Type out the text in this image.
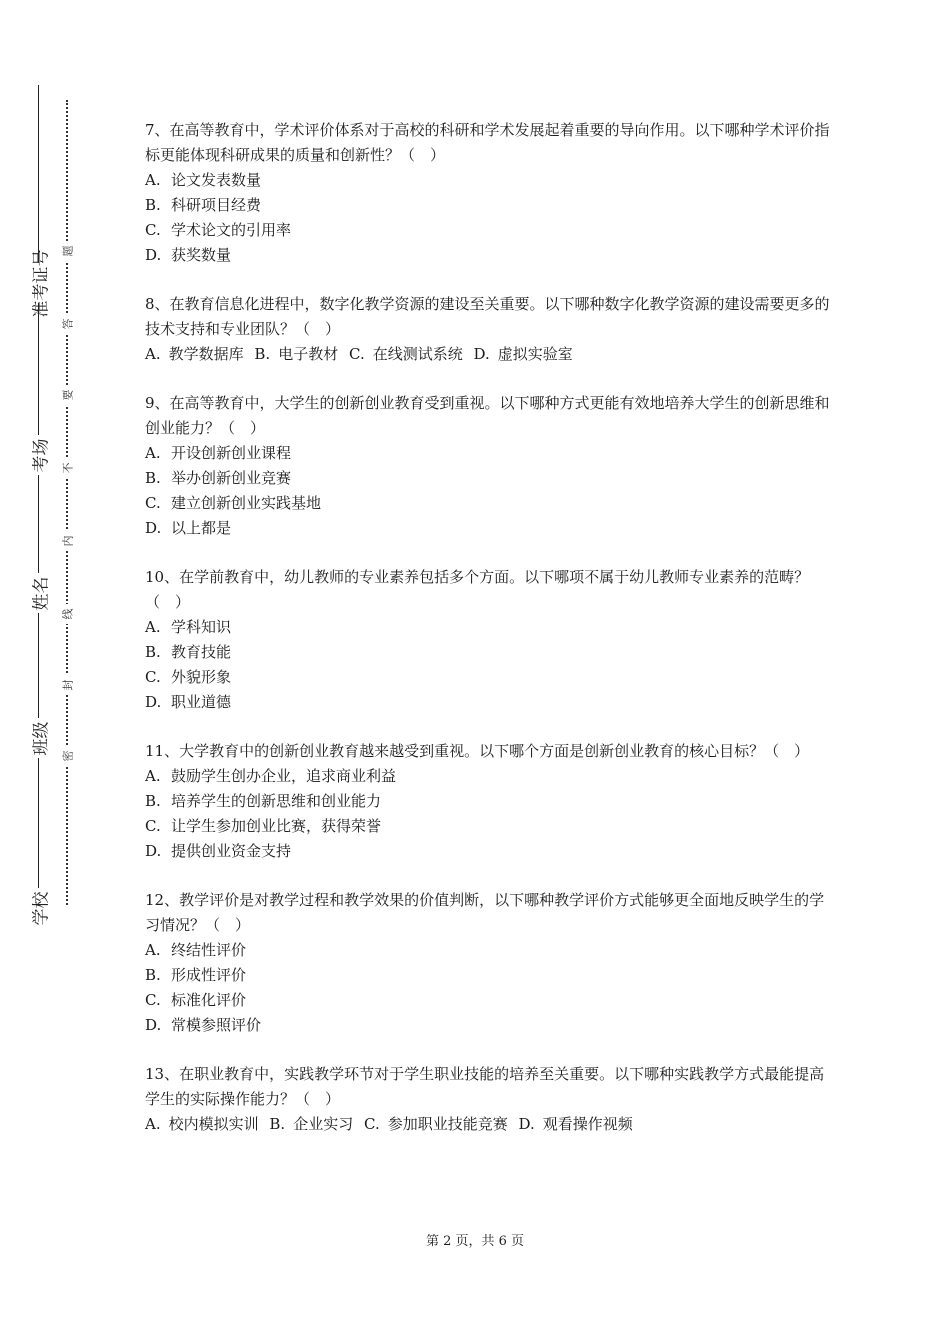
准考证号
考场
姓名
班级
学校
题
答
要
不
内
线
封
密

7、在高等教育中，学术评价体系对于高校的科研和学术发展起着重要的导向作用。以下哪种学术评价指标更能体现科研成果的质量和创新性？（　）

A. 论文发表数量

B. 科研项目经费

C. 学术论文的引用率

D. 获奖数量

8、在教育信息化进程中，数字化教学资源的建设至关重要。以下哪种数字化教学资源的建设需要更多的技术支持和专业团队？（　）

A. 教学数据库 B. 电子教材 C. 在线测试系统 D. 虚拟实验室

9、在高等教育中，大学生的创新创业教育受到重视。以下哪种方式更能有效地培养大学生的创新思维和创业能力？（　）

A. 开设创新创业课程

B. 举办创新创业竞赛

C. 建立创新创业实践基地

D. 以上都是

10、在学前教育中，幼儿教师的专业素养包括多个方面。以下哪项不属于幼儿教师专业素养的范畴？（　）

A. 学科知识

B. 教育技能

C. 外貌形象

D. 职业道德

11、大学教育中的创新创业教育越来越受到重视。以下哪个方面是创新创业教育的核心目标？（　）

A. 鼓励学生创办企业，追求商业利益

B. 培养学生的创新思维和创业能力

C. 让学生参加创业比赛，获得荣誉

D. 提供创业资金支持

12、教学评价是对教学过程和教学效果的价值判断，以下哪种教学评价方式能够更全面地反映学生的学习情况？（　）

A. 终结性评价

B. 形成性评价

C. 标准化评价

D. 常模参照评价

13、在职业教育中，实践教学环节对于学生职业技能的培养至关重要。以下哪种实践教学方式最能提高学生的实际操作能力？（　）

A. 校内模拟实训 B. 企业实习 C. 参加职业技能竞赛 D. 观看操作视频

第 2 页，共 6 页
